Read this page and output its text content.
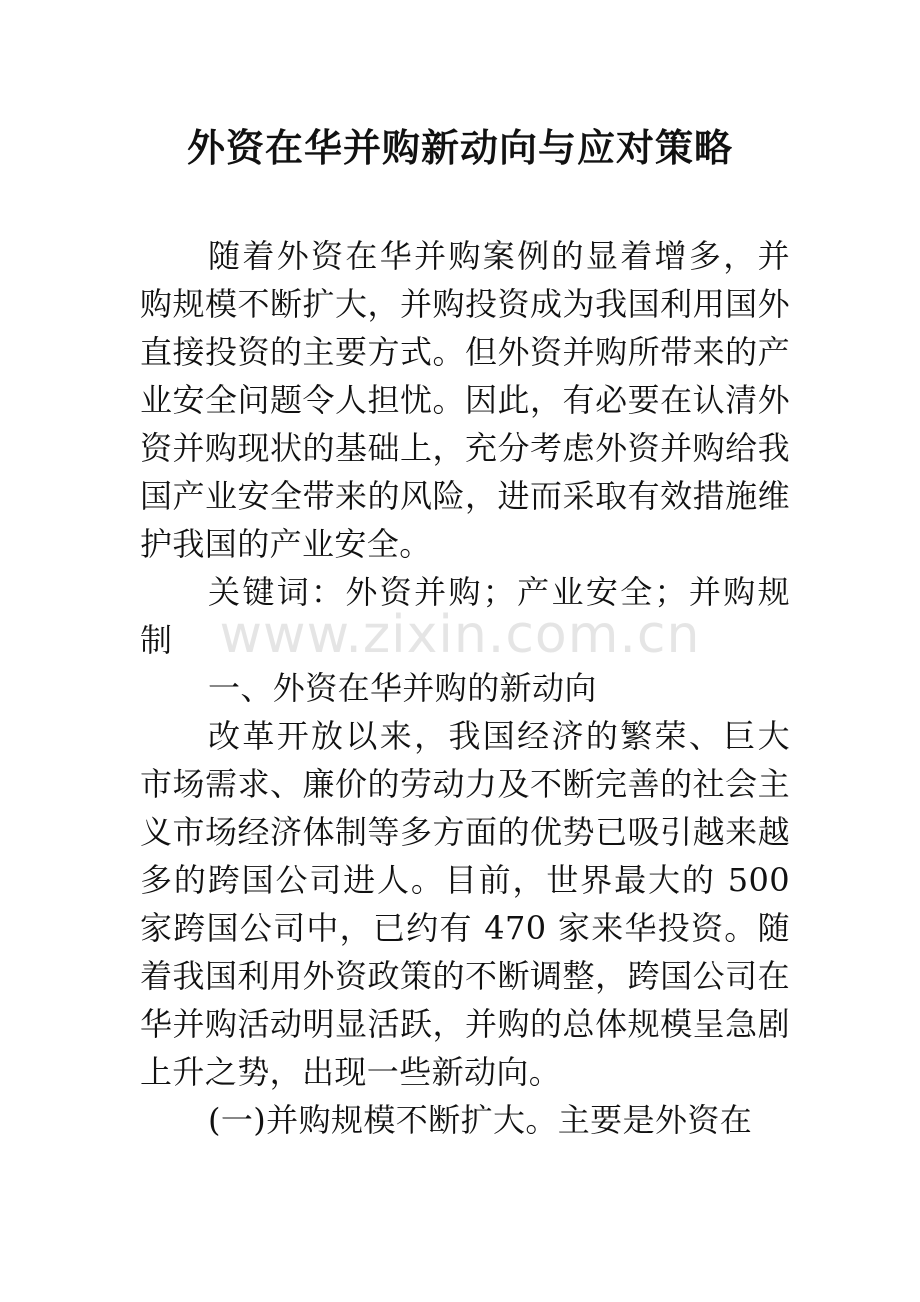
外资在华并购新动向与应对策略

随着外资在华并购案例的显着增多，并购规模不断扩大，并购投资成为我国利用国外直接投资的主要方式。但外资并购所带来的产业安全问题令人担忧。因此，有必要在认清外资并购现状的基础上，充分考虑外资并购给我国产业安全带来的风险，进而采取有效措施维护我国的产业安全。

关键词：外资并购；产业安全；并购规制

一、外资在华并购的新动向

改革开放以来，我国经济的繁荣、巨大市场需求、廉价的劳动力及不断完善的社会主义市场经济体制等多方面的优势已吸引越来越多的跨国公司进人。目前，世界最大的 500 家跨国公司中，已约有 470 家来华投资。随着我国利用外资政策的不断调整，跨国公司在华并购活动明显活跃，并购的总体规模呈急剧上升之势，出现一些新动向。

(一)并购规模不断扩大。主要是外资在

www.zixin.com.cn
